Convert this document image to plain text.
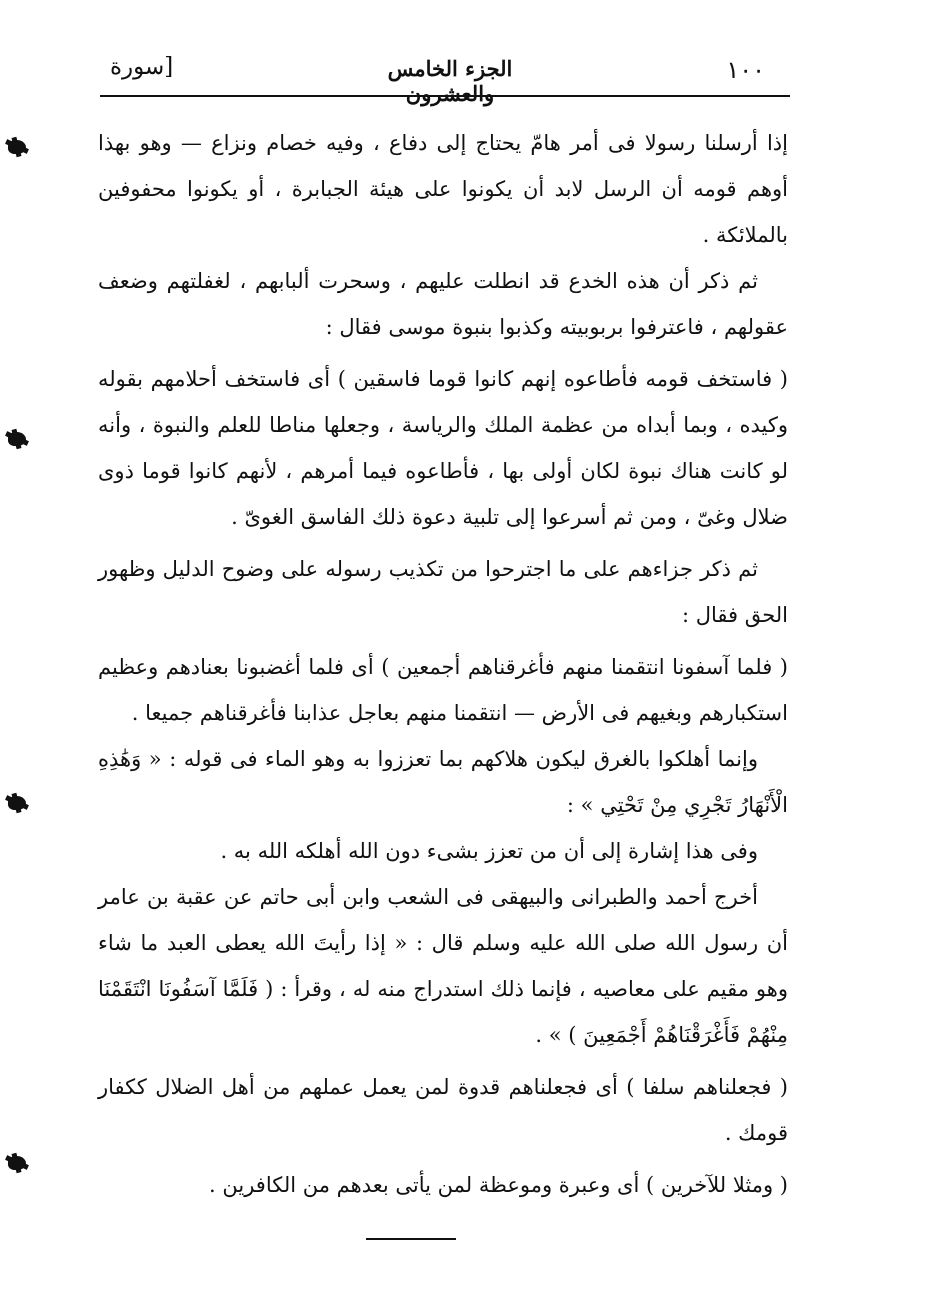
١٠٠
الجزء الخامس والعشرون
[سورة

إذا أرسلنا رسولا فى أمر هامّ يحتاج إلى دفاع ، وفيه خصام ونزاع — وهو بهذا أوهم قومه أن الرسل لابد أن يكونوا على هيئة الجبابرة ، أو يكونوا محفوفين بالملائكة .

ثم ذكر أن هذه الخدع قد انطلت عليهم ، وسحرت ألبابهم ، لغفلتهم وضعف عقولهم ، فاعترفوا بربوبيته وكذبوا بنبوة موسى فقال :

( فاستخف قومه فأطاعوه إنهم كانوا قوما فاسقين ) أى فاستخف أحلامهم بقوله وكيده ، وبما أبداه من عظمة الملك والرياسة ، وجعلها مناطا للعلم والنبوة ، وأنه لو كانت هناك نبوة لكان أولى بها ، فأطاعوه فيما أمرهم ، لأنهم كانوا قوما ذوى ضلال وغىّ ، ومن ثم أسرعوا إلى تلبية دعوة ذلك الفاسق الغوىّ .

ثم ذكر جزاءهم على ما اجترحوا من تكذيب رسوله على وضوح الدليل وظهور الحق فقال :

( فلما آسفونا انتقمنا منهم فأغرقناهم أجمعين ) أى فلما أغضبونا بعنادهم وعظيم استكبارهم وبغيهم فى الأرض — انتقمنا منهم بعاجل عذابنا فأغرقناهم جميعا .

وإنما أهلكوا بالغرق ليكون هلاكهم بما تعززوا به وهو الماء فى قوله : « وَهَٰذِهِ الْأَنْهَارُ تَجْرِي مِنْ تَحْتِي » :

وفى هذا إشارة إلى أن من تعزز بشىء دون الله أهلكه الله به .

أخرج أحمد والطبرانى والبيهقى فى الشعب وابن أبى حاتم عن عقبة بن عامر أن رسول الله صلى الله عليه وسلم قال : « إذا رأيتَ الله يعطى العبد ما شاء وهو مقيم على معاصيه ، فإنما ذلك استدراج منه له ، وقرأ : ( فَلَمَّا آسَفُونَا انْتَقَمْنَا مِنْهُمْ فَأَغْرَقْنَاهُمْ أَجْمَعِينَ ) » .

( فجعلناهم سلفا ) أى فجعلناهم قدوة لمن يعمل عملهم من أهل الضلال ككفار قومك .

( ومثلا للآخرين ) أى وعبرة وموعظة لمن يأتى بعدهم من الكافرين .
